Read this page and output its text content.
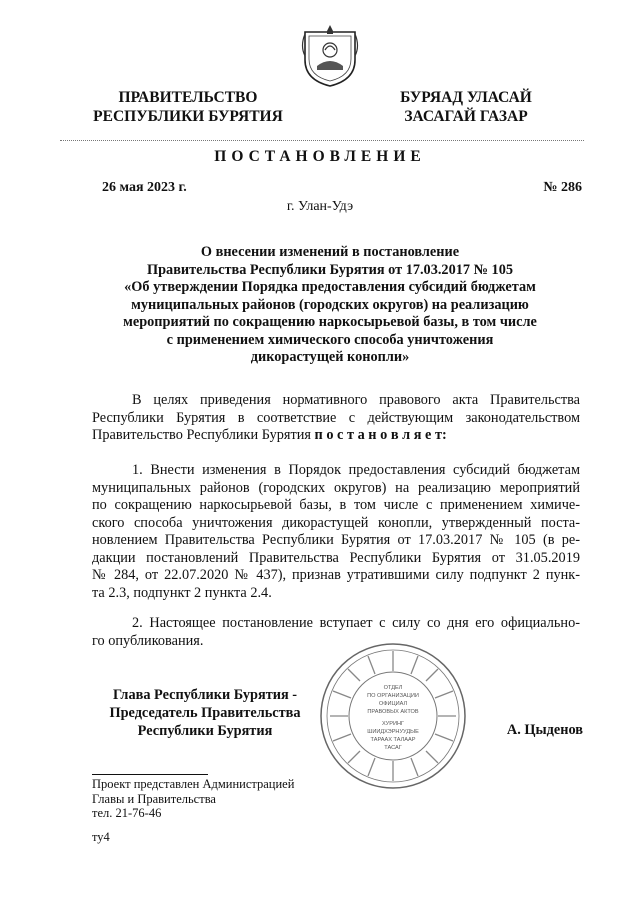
ПРАВИТЕЛЬСТВО
РЕСПУБЛИКИ БУРЯТИЯ
БУРЯАД УЛАСАЙ
ЗАСАГАЙ ГАЗАР
ПОСТАНОВЛЕНИЕ
26 мая 2023 г.	№ 286
г. Улан-Удэ
О внесении изменений в постановление
Правительства Республики Бурятия от 17.03.2017 № 105
«Об утверждении Порядка предоставления субсидий бюджетам
муниципальных районов (городских округов) на реализацию
мероприятий по сокращению наркосырьевой базы, в том числе
с применением химического способа уничтожения
дикорастущей конопли»
В целях приведения нормативного правового акта Правительства
Республики Бурятия в соответствие с действующим законодательством
Правительство Республики Бурятия п о с т а н о в л я е т:
1. Внести изменения в Порядок предоставления субсидий бюджетам
муниципальных районов (городских округов) на реализацию мероприятий
по сокращению наркосырьевой базы, в том числе с применением химиче-
ского способа уничтожения дикорастущей конопли, утвержденный поста-
новлением Правительства Республики Бурятия от 17.03.2017 № 105 (в ре-
дакции постановлений Правительства Республики Бурятия от 31.05.2019
№ 284, от 22.07.2020 № 437), признав утратившими силу подпункт 2 пунк-
та 2.3, подпункт 2 пункта 2.4.
2. Настоящее постановление вступает с силу со дня его официально-
го опубликования.
ОТДЕЛ
ПО ОРГАНИЗАЦИИ
ОФИЦИАЛ
ПРАВОВЫХ АКТОВ
ХУРИНГ
ШИИДХЭРНУУДЫЕ
ТАРААХ ТАЛААР
ТАСАГ
Глава Республики Бурятия -
Председатель Правительства
Республики Бурятия	А. Цыденов
Проект представлен Администрацией
Главы и Правительства
тел. 21-76-46
ту4
